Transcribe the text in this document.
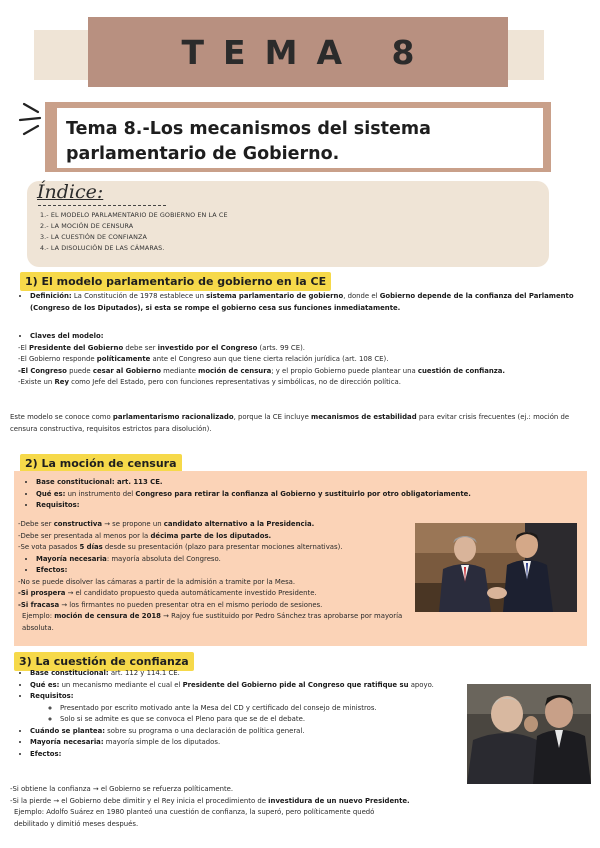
TEMA 8
Tema 8.-Los mecanismos del sistema parlamentario de Gobierno.
Índice:
1.- EL MODELO PARLAMENTARIO DE GOBIERNO EN LA CE
2.- LA MOCIÓN DE CENSURA
3.- LA CUESTIÓN DE CONFIANZA
4.- LA DISOLUCIÓN DE LAS CÁMARAS.
1) El modelo parlamentario de gobierno en la CE
• Definición: La Constitución de 1978 establece un sistema parlamentario de gobierno, donde el Gobierno depende de la confianza del Parlamento (Congreso de los Diputados), si esta se rompe el gobierno cesa sus funciones inmediatamente.
• Claves del modelo:
-El Presidente del Gobierno debe ser investido por el Congreso (arts. 99 CE).
-El Gobierno responde políticamente ante el Congreso aun que tiene cierta relación jurídica (art. 108 CE).
-El Congreso puede cesar al Gobierno mediante moción de censura; y el propio Gobierno puede plantear una cuestión de confianza.
-Existe un Rey como Jefe del Estado, pero con funciones representativas y simbólicas, no de dirección política.
Este modelo se conoce como parlamentarismo racionalizado, porque la CE incluye mecanismos de estabilidad para evitar crisis frecuentes (ej.: moción de censura constructiva, requisitos estrictos para disolución).
2) La moción de censura
• Base constitucional: art. 113 CE.
• Qué es: un instrumento del Congreso para retirar la confianza al Gobierno y sustituirlo por otro obligatoriamente.
• Requisitos:
-Debe ser constructiva → se propone un candidato alternativo a la Presidencia.
-Debe ser presentada al menos por la décima parte de los diputados.
-Se vota pasados 5 días desde su presentación (plazo para presentar mociones alternativas).
• Mayoría necesaria: mayoría absoluta del Congreso.
• Efectos:
-No se puede disolver las cámaras a partir de la admisión a tramite por la Mesa.
-Si prospera → el candidato propuesto queda automáticamente investido Presidente.
-Si fracasa → los firmantes no pueden presentar otra en el mismo periodo de sesiones.
Ejemplo: moción de censura de 2018 → Rajoy fue sustituido por Pedro Sánchez tras aprobarse por mayoría absoluta.
3) La cuestión de confianza
• Base constitucional: art. 112 y 114.1 CE.
• Qué es: un mecanismo mediante el cual el Presidente del Gobierno pide al Congreso que ratifique su apoyo.
• Requisitos:
◦ Presentado por escrito motivado ante la Mesa del CD y certificado del consejo de ministros.
◦ Solo si se admite es que se convoca el Pleno para que se de el debate.
• Cuándo se plantea: sobre su programa o una declaración de política general.
• Mayoría necesaria: mayoría simple de los diputados.
• Efectos:
-Si obtiene la confianza → el Gobierno se refuerza políticamente.
-Si la pierde → el Gobierno debe dimitir y el Rey inicia el procedimiento de investidura de un nuevo Presidente.
Ejemplo: Adolfo Suárez en 1980 planteó una cuestión de confianza, la superó, pero políticamente quedó
debilitado y dimitió meses después.
